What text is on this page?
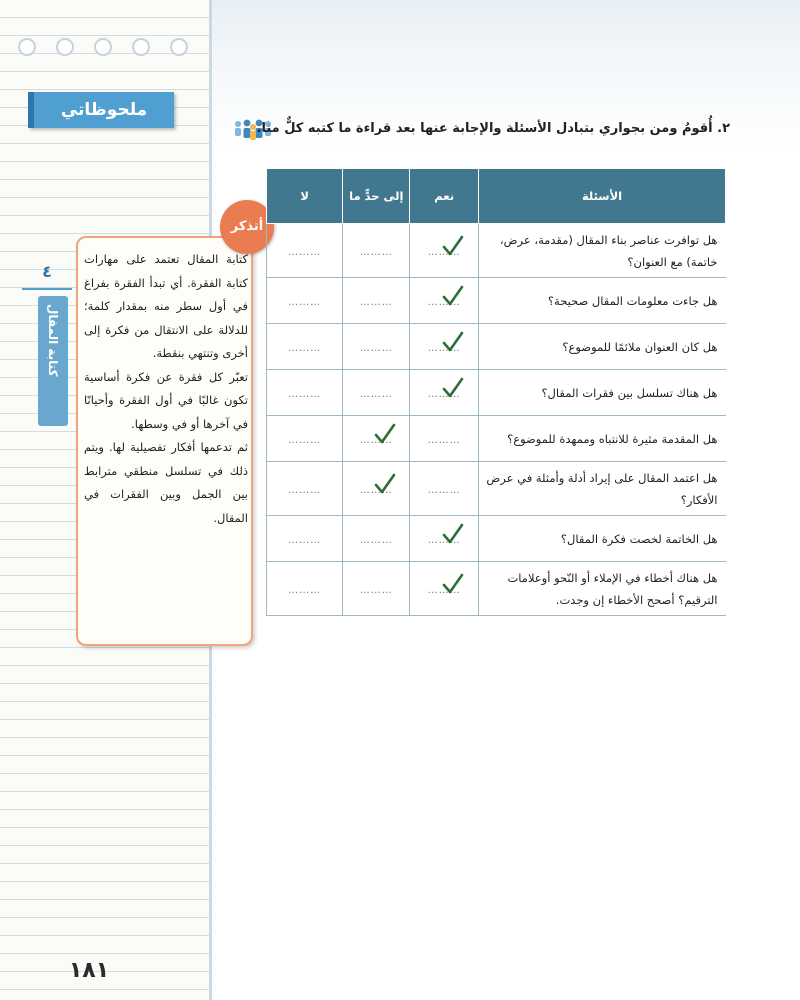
ملحوظاتي
٤
كتابة المقال
أتذكر

كتابة المقال تعتمد على مهارات كتابة الفقرة. أي تبدأ الفقرة بفراغ في أول سطر منه بمقدار كلمة؛ للدلالة على الانتقال من فكرة إلى أخرى وتنتهي بنقطة.

تعبّر كل فقرة عن فكرة أساسية تكون غالبًا في أول الفقرة وأحيانًا في آخرها أو في وسطها.

ثم تدعمها أفكار تفصيلية لها. ويتم ذلك في تسلسل منطقي مترابط بين الجمل وبين الفقرات في المقال.

٢. أُقومُ ومن بجواري بتبادل الأسئلة والإجابة عنها بعد قراءة ما كتبه كلٌّ منا.
الأسئلة	نعم	إلى حدٍّ ما	لا
هل توافرت عناصر بناء المقال (مقدمة، عرض، خاتمة) مع العنوان؟	………	………	………
هل جاءت معلومات المقال صحيحة؟	………	………	………
هل كان العنوان ملائمًا للموضوع؟	………	………	………
هل هناك تسلسل بين فقرات المقال؟	………	………	………
هل المقدمة مثيرة للانتباه وممهدة للموضوع؟	………	………	………
هل اعتمد المقال على إيراد أدلة وأمثلة في عرض الأفكار؟	………	………	………
هل الخاتمة لخصت فكرة المقال؟	………	………	………
هل هناك أخطاء في الإملاء أو النّحو أوعلامات الترقيم؟ أصحح الأخطاء إن وجدت.	………	………	………
١٨١
